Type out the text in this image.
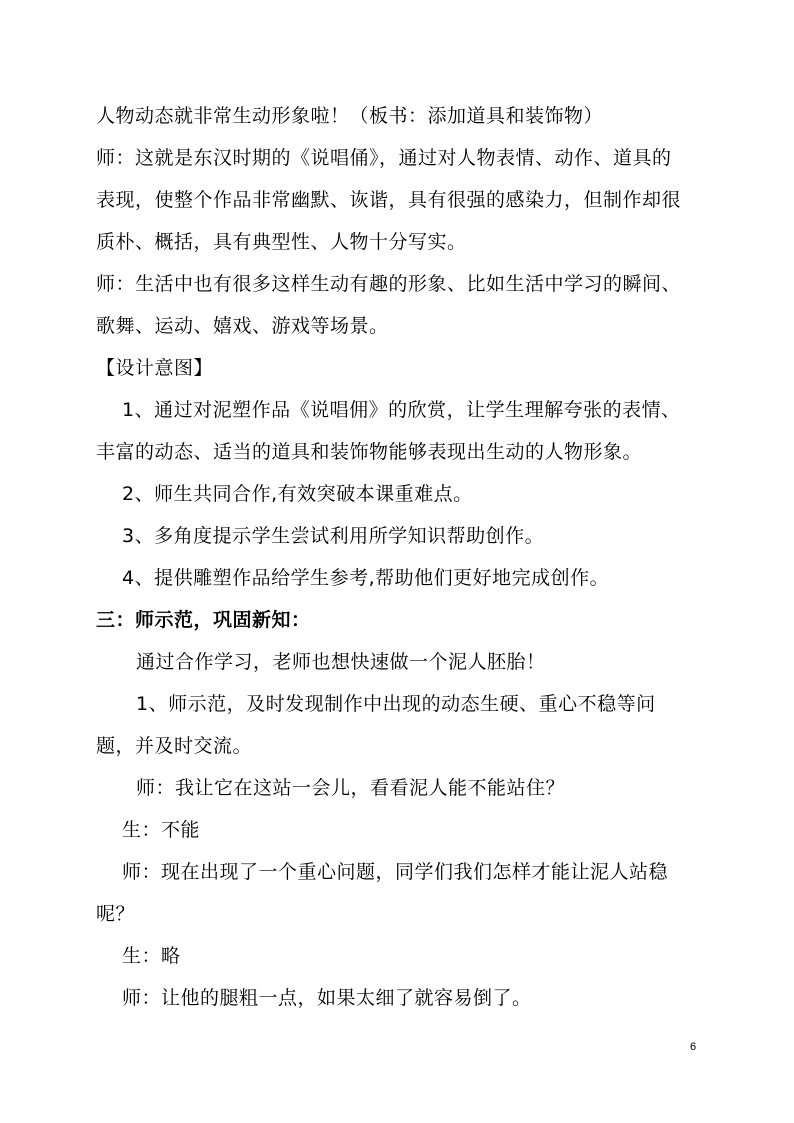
人物动态就非常生动形象啦！（板书：添加道具和装饰物）
师：这就是东汉时期的《说唱俑》，通过对人物表情、动作、道具的
表现，使整个作品非常幽默、诙谐，具有很强的感染力，但制作却很
质朴、概括，具有典型性、人物十分写实。
师：生活中也有很多这样生动有趣的形象、比如生活中学习的瞬间、
歌舞、运动、嬉戏、游戏等场景。
【设计意图】
1、通过对泥塑作品《说唱佣》的欣赏，让学生理解夸张的表情、
丰富的动态、适当的道具和装饰物能够表现出生动的人物形象。
2、师生共同合作,有效突破本课重难点。
3、多角度提示学生尝试利用所学知识帮助创作。
4、提供雕塑作品给学生参考,帮助他们更好地完成创作。
三：师示范，巩固新知：
通过合作学习，老师也想快速做一个泥人胚胎！
1、师示范，及时发现制作中出现的动态生硬、重心不稳等问
题，并及时交流。
师：我让它在这站一会儿，看看泥人能不能站住？
生：不能
师：现在出现了一个重心问题，同学们我们怎样才能让泥人站稳
呢？
生：略
师：让他的腿粗一点，如果太细了就容易倒了。
6
